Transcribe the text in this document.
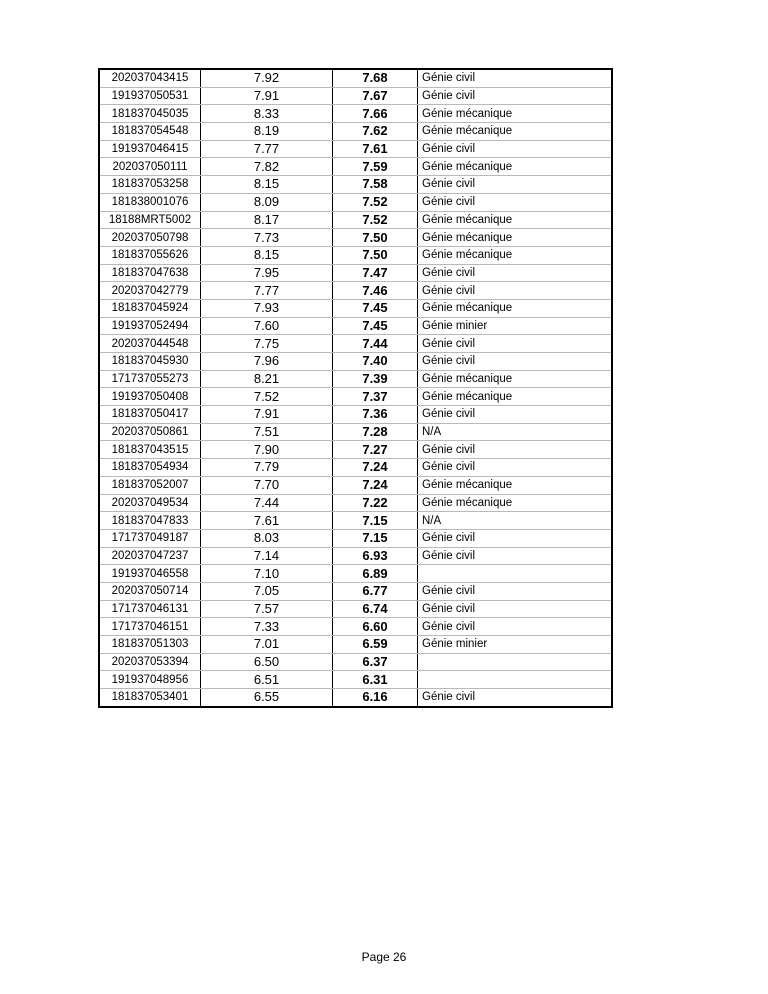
202037043415	7.92	7.68	Génie civil
191937050531	7.91	7.67	Génie civil
181837045035	8.33	7.66	Génie mécanique
181837054548	8.19	7.62	Génie mécanique
191937046415	7.77	7.61	Génie civil
202037050111	7.82	7.59	Génie mécanique
181837053258	8.15	7.58	Génie civil
181838001076	8.09	7.52	Génie civil
18188MRT5002	8.17	7.52	Génie mécanique
202037050798	7.73	7.50	Génie mécanique
181837055626	8.15	7.50	Génie mécanique
181837047638	7.95	7.47	Génie civil
202037042779	7.77	7.46	Génie civil
181837045924	7.93	7.45	Génie mécanique
191937052494	7.60	7.45	Génie minier
202037044548	7.75	7.44	Génie civil
181837045930	7.96	7.40	Génie civil
171737055273	8.21	7.39	Génie mécanique
191937050408	7.52	7.37	Génie mécanique
181837050417	7.91	7.36	Génie civil
202037050861	7.51	7.28	N/A
181837043515	7.90	7.27	Génie civil
181837054934	7.79	7.24	Génie civil
181837052007	7.70	7.24	Génie mécanique
202037049534	7.44	7.22	Génie mécanique
181837047833	7.61	7.15	N/A
171737049187	8.03	7.15	Génie civil
202037047237	7.14	6.93	Génie civil
191937046558	7.10	6.89	
202037050714	7.05	6.77	Génie civil
171737046131	7.57	6.74	Génie civil
171737046151	7.33	6.60	Génie civil
181837051303	7.01	6.59	Génie minier
202037053394	6.50	6.37	
191937048956	6.51	6.31	
181837053401	6.55	6.16	Génie civil
Page 26
